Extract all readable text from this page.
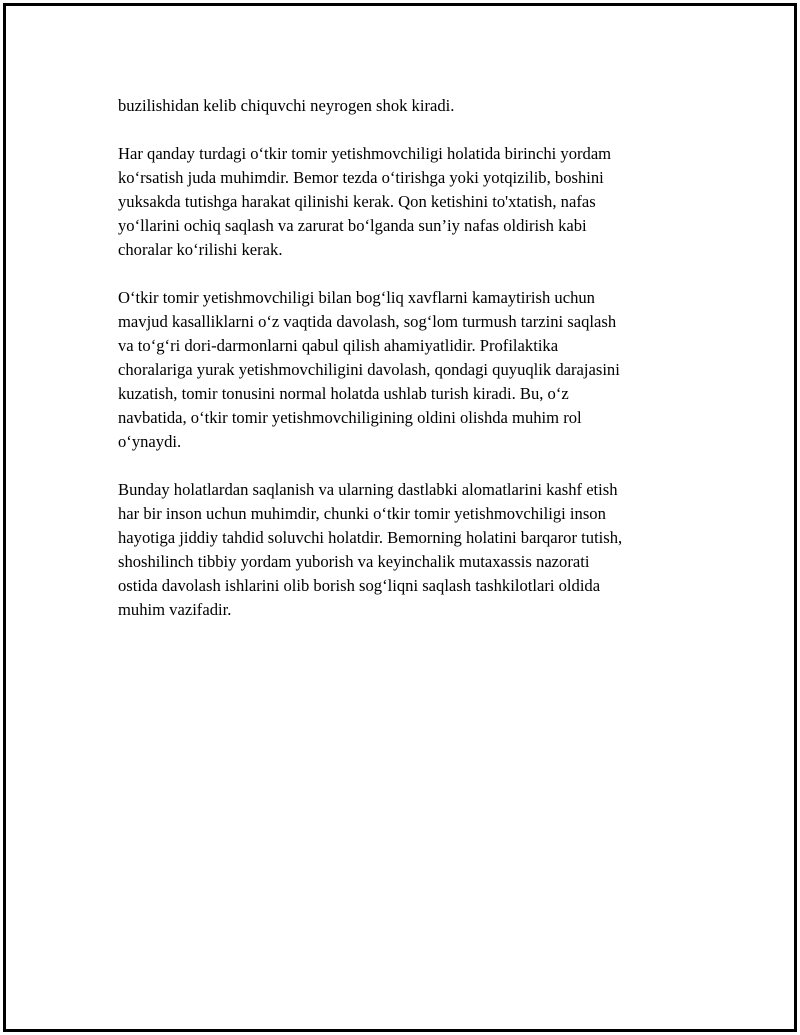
buzilishidan kelib chiquvchi neyrogen shok kiradi.

Har qanday turdagi o‘tkir tomir yetishmovchiligi holatida birinchi yordam
ko‘rsatish juda muhimdir. Bemor tezda o‘tirishga yoki yotqizilib, boshini
yuksakda tutishga harakat qilinishi kerak. Qon ketishini to'xtatish, nafas
yo‘llarini ochiq saqlash va zarurat bo‘lganda sun’iy nafas oldirish kabi
choralar ko‘rilishi kerak.

O‘tkir tomir yetishmovchiligi bilan bog‘liq xavflarni kamaytirish uchun
mavjud kasalliklarni o‘z vaqtida davolash, sog‘lom turmush tarzini saqlash
va to‘g‘ri dori-darmonlarni qabul qilish ahamiyatlidir. Profilaktika
choralariga yurak yetishmovchiligini davolash, qondagi quyuqlik darajasini
kuzatish, tomir tonusini normal holatda ushlab turish kiradi. Bu, o‘z
navbatida, o‘tkir tomir yetishmovchiligining oldini olishda muhim rol
o‘ynaydi.

Bunday holatlardan saqlanish va ularning dastlabki alomatlarini kashf etish
har bir inson uchun muhimdir, chunki o‘tkir tomir yetishmovchiligi inson
hayotiga jiddiy tahdid soluvchi holatdir. Bemorning holatini barqaror tutish,
shoshilinch tibbiy yordam yuborish va keyinchalik mutaxassis nazorati
ostida davolash ishlarini olib borish sog‘liqni saqlash tashkilotlari oldida
muhim vazifadir.
